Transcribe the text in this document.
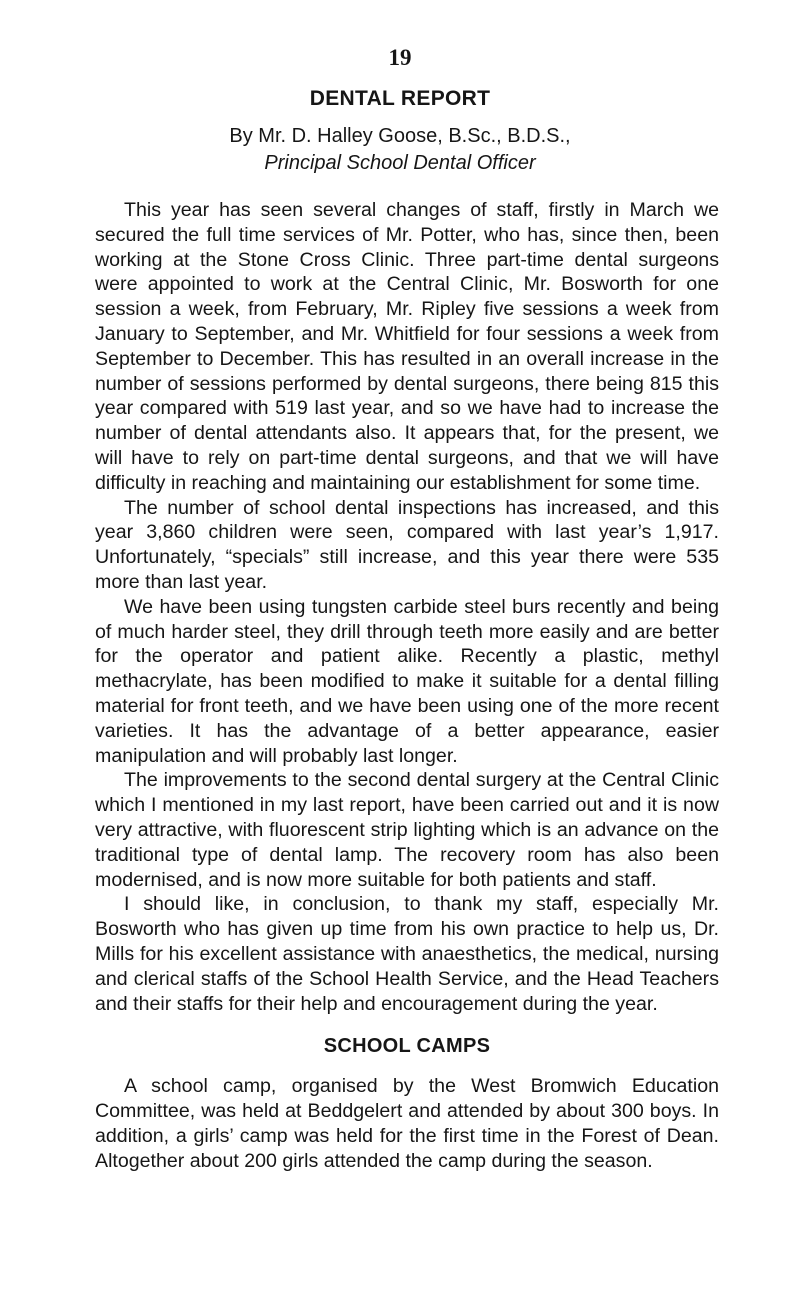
19
DENTAL REPORT
By Mr. D. Halley Goose, B.Sc., B.D.S.,
Principal School Dental Officer

This year has seen several changes of staff, firstly in March we secured the full time services of Mr. Potter, who has, since then, been working at the Stone Cross Clinic. Three part-time dental surgeons were appointed to work at the Central Clinic, Mr. Bosworth for one session a week, from February, Mr. Ripley five sessions a week from January to September, and Mr. Whitfield for four sessions a week from September to December. This has resulted in an overall increase in the number of sessions performed by dental surgeons, there being 815 this year compared with 519 last year, and so we have had to increase the number of dental attendants also. It appears that, for the present, we will have to rely on part-time dental surgeons, and that we will have difficulty in reaching and maintaining our establishment for some time.

The number of school dental inspections has increased, and this year 3,860 children were seen, compared with last year’s 1,917. Unfortunately, “specials” still increase, and this year there were 535 more than last year.

We have been using tungsten carbide steel burs recently and being of much harder steel, they drill through teeth more easily and are better for the operator and patient alike. Recently a plastic, methyl methacrylate, has been modified to make it suitable for a dental filling material for front teeth, and we have been using one of the more recent varieties. It has the advantage of a better appearance, easier manipulation and will probably last longer.

The improvements to the second dental surgery at the Central Clinic which I mentioned in my last report, have been carried out and it is now very attractive, with fluorescent strip lighting which is an advance on the traditional type of dental lamp. The recovery room has also been modernised, and is now more suitable for both patients and staff.

I should like, in conclusion, to thank my staff, especially Mr. Bosworth who has given up time from his own practice to help us, Dr. Mills for his excellent assistance with anaesthetics, the medical, nursing and clerical staffs of the School Health Service, and the Head Teachers and their staffs for their help and encouragement during the year.

SCHOOL CAMPS

A school camp, organised by the West Bromwich Education Committee, was held at Beddgelert and attended by about 300 boys. In addition, a girls’ camp was held for the first time in the Forest of Dean. Altogether about 200 girls attended the camp during the season.
